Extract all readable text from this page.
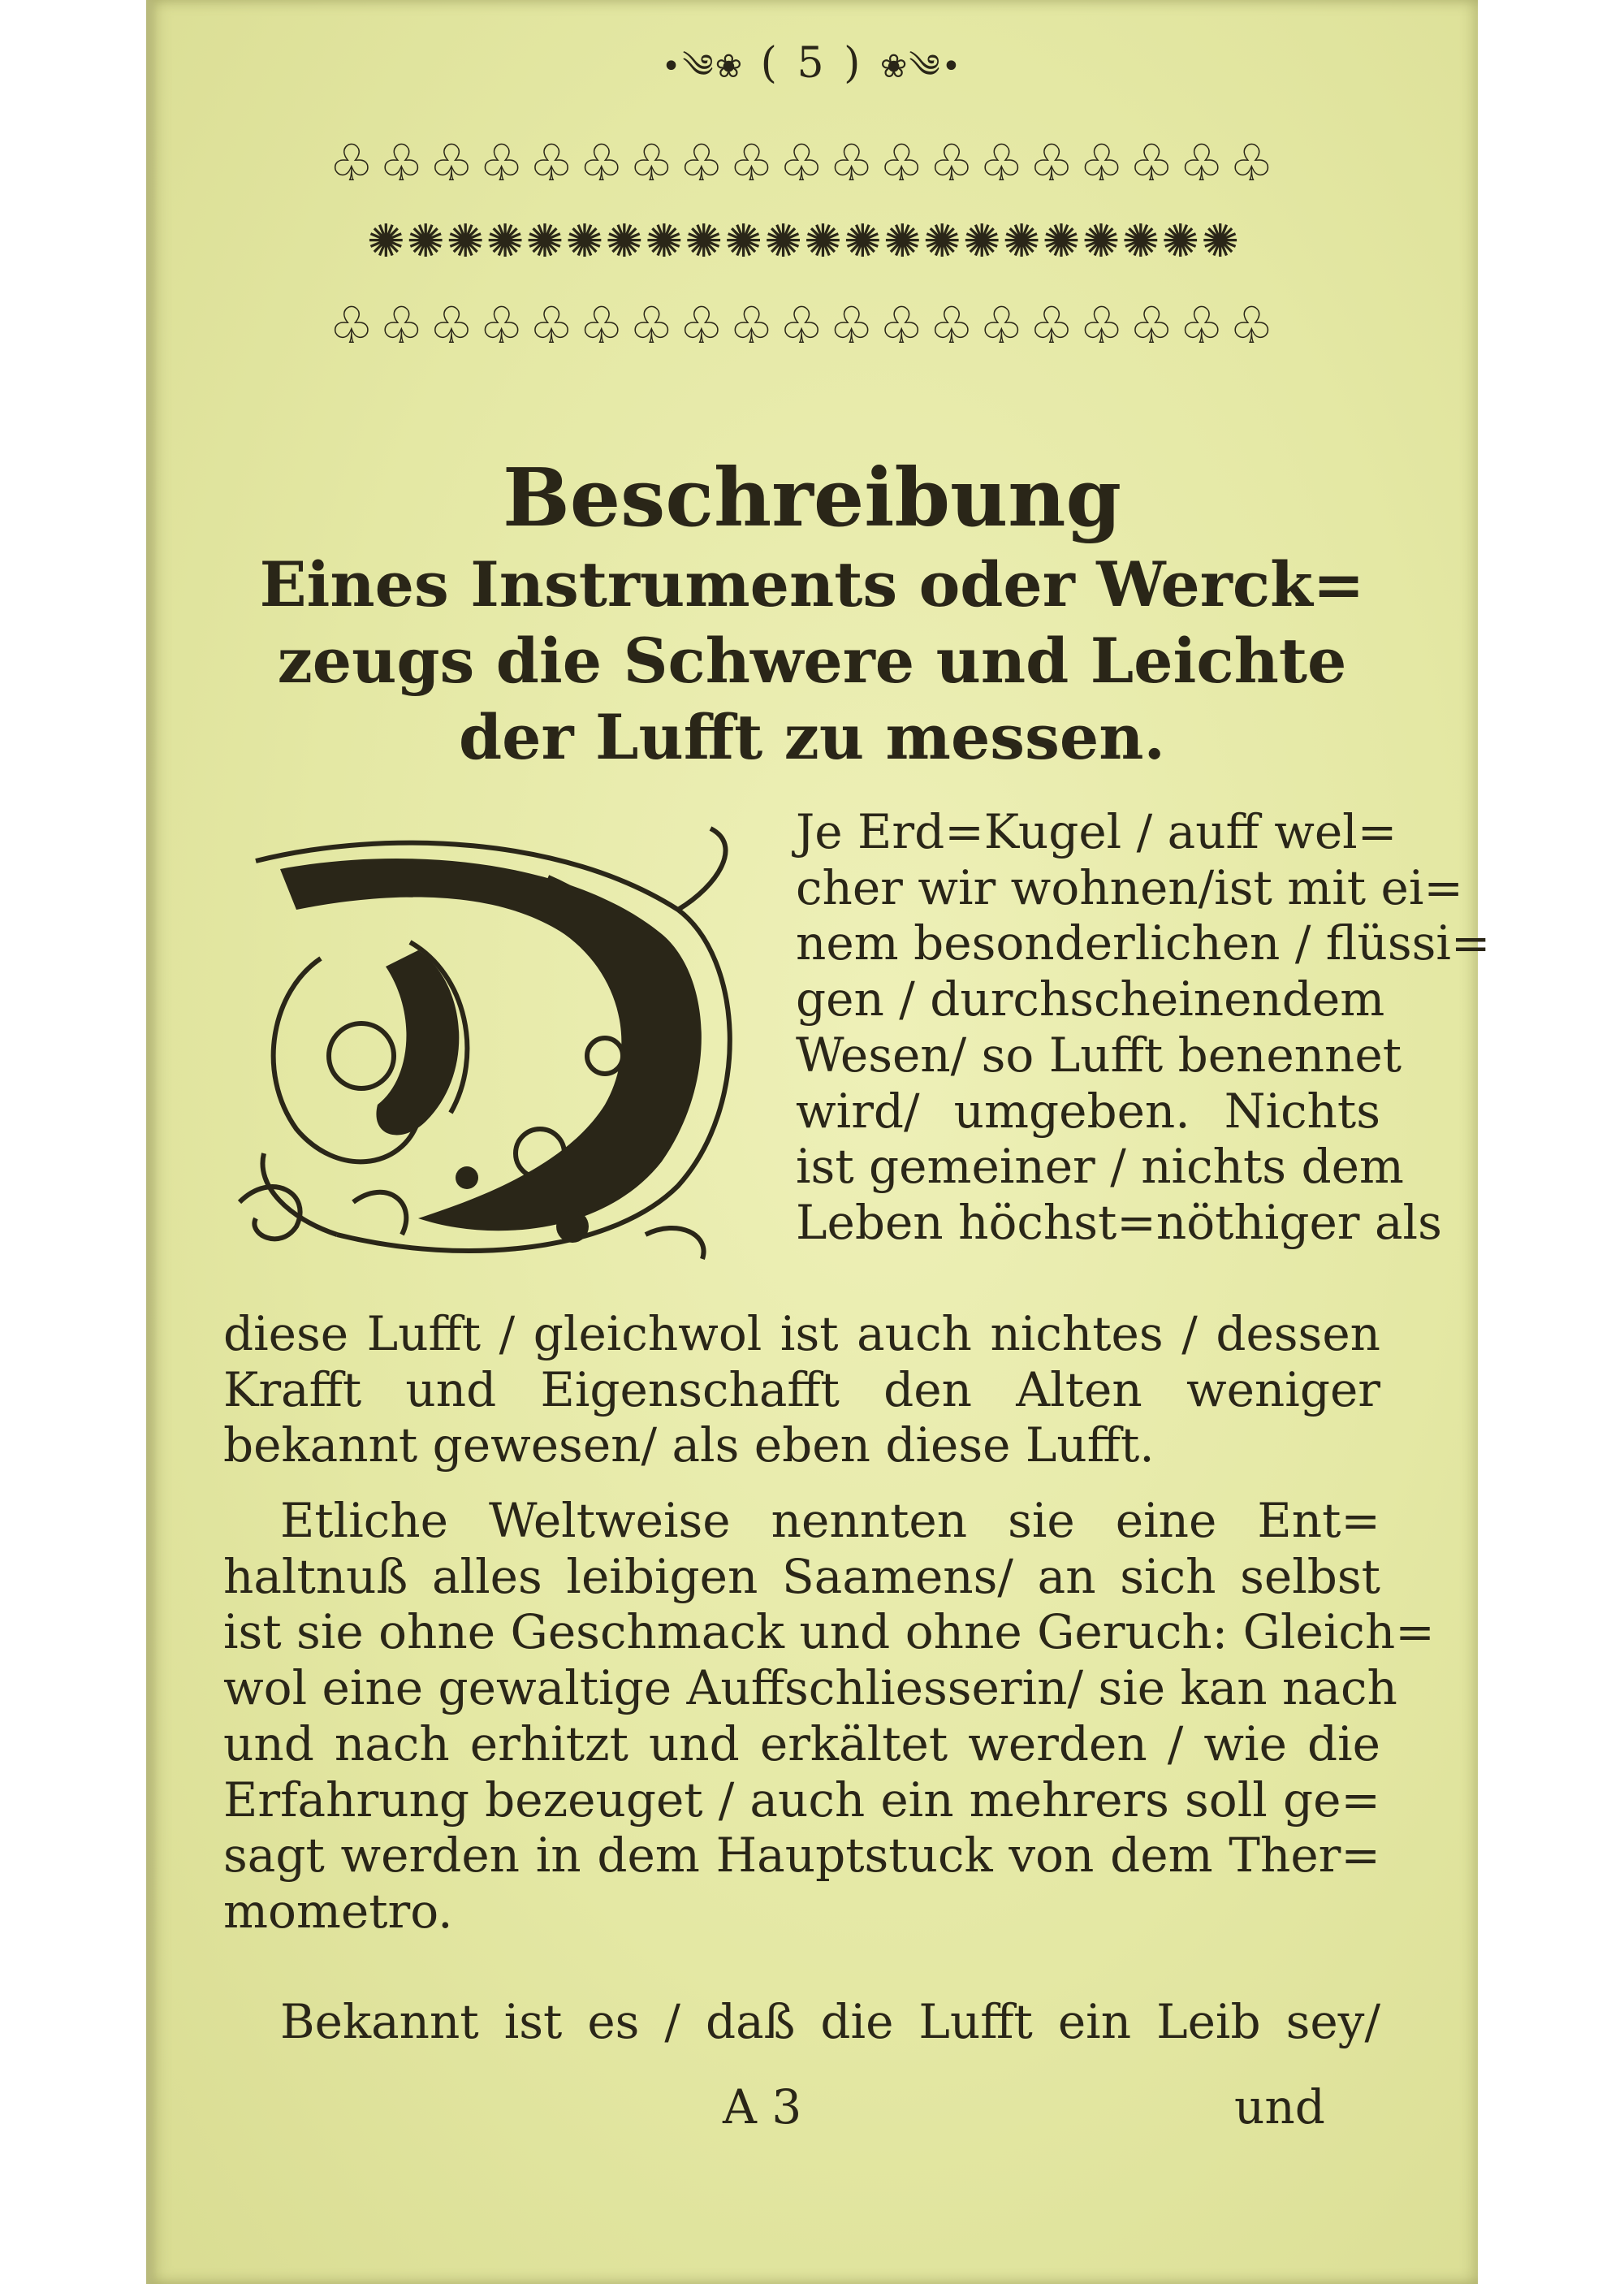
•༄❀ ( 5 ) ❀༄•
♧♧♧♧♧♧♧♧♧♧♧♧♧♧♧♧♧♧♧
✺✺✺✺✺✺✺✺✺✺✺✺✺✺✺✺✺✺✺✺✺✺
♧♧♧♧♧♧♧♧♧♧♧♧♧♧♧♧♧♧♧
Beschreibung
Eines Instruments oder Werck=
zeugs die Schwere und Leichte
der Lufft zu messen.
Je Erd=Kugel / auff wel=
cher wir wohnen/ist mit ei=
nem besonderlichen / flüssi=
gen / durchscheinendem
Wesen/ so Lufft benennet
wird/ umgeben. Nichts
ist gemeiner / nichts dem
Leben höchst=nöthiger als
diese Lufft / gleichwol ist auch nichtes / dessen
Krafft und Eigenschafft den Alten weniger
bekannt gewesen/ als eben diese Lufft.
Etliche Weltweise nennten sie eine Ent=
haltnuß alles leibigen Saamens/ an sich selbst
ist sie ohne Geschmack und ohne Geruch: Gleich=
wol eine gewaltige Auffschliesserin/ sie kan nach
und nach erhitzt und erkältet werden / wie die
Erfahrung bezeuget / auch ein mehrers soll ge=
sagt werden in dem Hauptstuck von dem Ther=
mometro.
Bekannt ist es / daß die Lufft ein Leib sey/
A 3	und
